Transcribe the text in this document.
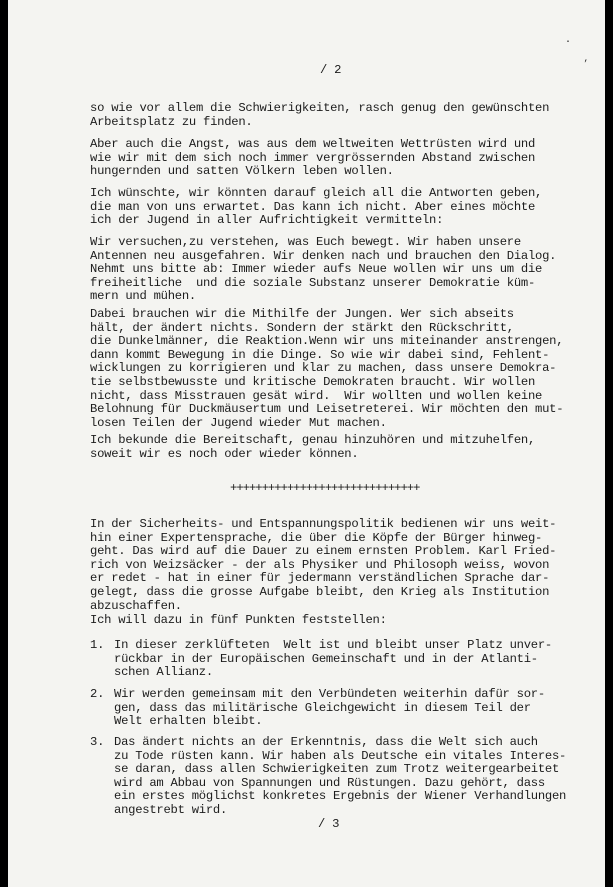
·
’
/ 2

so wie vor allem die Schwierigkeiten, rasch genug den gewünschten
Arbeitsplatz zu finden.

Aber auch die Angst, was aus dem weltweiten Wettrüsten wird und
wie wir mit dem sich noch immer vergrössernden Abstand zwischen
hungernden und satten Völkern leben wollen.

Ich wünschte, wir könnten darauf gleich all die Antworten geben,
die man von uns erwartet. Das kann ich nicht. Aber eines möchte
ich der Jugend in aller Aufrichtigkeit vermitteln:

Wir versuchen,zu verstehen, was Euch bewegt. Wir haben unsere
Antennen neu ausgefahren. Wir denken nach und brauchen den Dialog.
Nehmt uns bitte ab: Immer wieder aufs Neue wollen wir uns um die
freiheitliche  und die soziale Substanz unserer Demokratie küm-
mern und mühen.

Dabei brauchen wir die Mithilfe der Jungen. Wer sich abseits
hält, der ändert nichts. Sondern der stärkt den Rückschritt,
die Dunkelmänner, die Reaktion.Wenn wir uns miteinander anstrengen,
dann kommt Bewegung in die Dinge. So wie wir dabei sind, Fehlent-
wicklungen zu korrigieren und klar zu machen, dass unsere Demokra-
tie selbstbewusste und kritische Demokraten braucht. Wir wollen
nicht, dass Misstrauen gesät wird.  Wir wollten und wollen keine
Belohnung für Duckmäusertum und Leisetreterei. Wir möchten den mut-
losen Teilen der Jugend wieder Mut machen.

Ich bekunde die Bereitschaft, genau hinzuhören und mitzuhelfen,
soweit wir es noch oder wieder können.

++++++++++++++++++++++++++++++

In der Sicherheits- und Entspannungspolitik bedienen wir uns weit-
hin einer Expertensprache, die über die Köpfe der Bürger hinweg-
geht. Das wird auf die Dauer zu einem ernsten Problem. Karl Fried-
rich von Weizsäcker - der als Physiker und Philosoph weiss, wovon
er redet - hat in einer für jedermann verständlichen Sprache dar-
gelegt, dass die grosse Aufgabe bleibt, den Krieg als Institution
abzuschaffen.

Ich will dazu in fünf Punkten feststellen:

1. In dieser zerklüfteten  Welt ist und bleibt unser Platz unver-
rückbar in der Europäischen Gemeinschaft und in der Atlanti-
schen Allianz.

2. Wir werden gemeinsam mit den Verbündeten weiterhin dafür sor-
gen, dass das militärische Gleichgewicht in diesem Teil der
Welt erhalten bleibt.

3. Das ändert nichts an der Erkenntnis, dass die Welt sich auch
zu Tode rüsten kann. Wir haben als Deutsche ein vitales Interes-
se daran, dass allen Schwierigkeiten zum Trotz weitergearbeitet
wird am Abbau von Spannungen und Rüstungen. Dazu gehört, dass
ein erstes möglichst konkretes Ergebnis der Wiener Verhandlungen
angestrebt wird.

/ 3
